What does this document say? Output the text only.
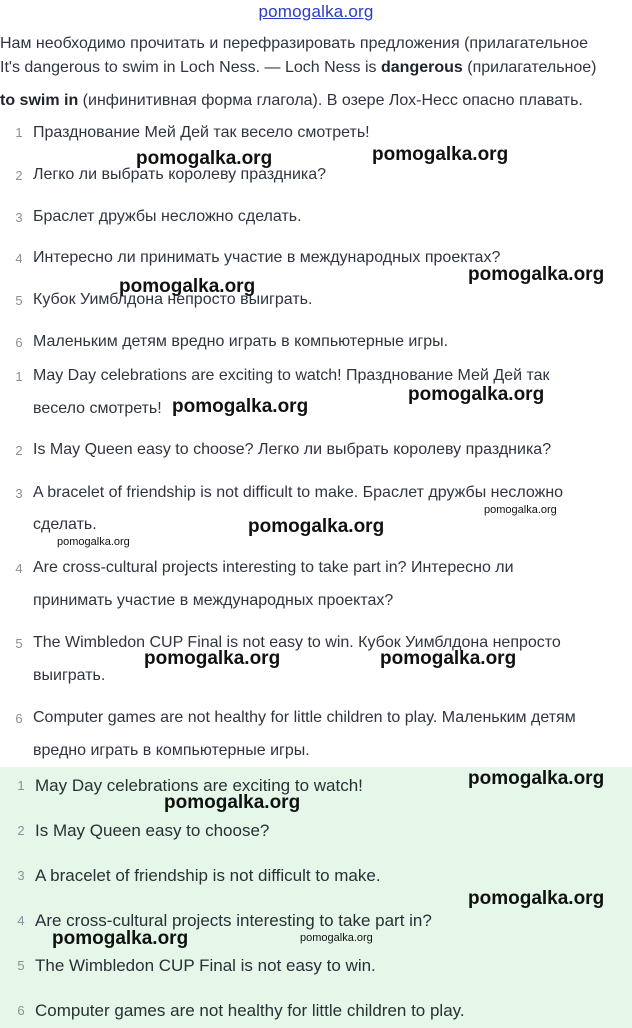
pomogalka.org
Нам необходимо прочитать и перефразировать предложения (прилагательное
It's dangerous to swim in Loch Ness. — Loch Ness is dangerous (прилагательное)
to swim in (инфинитивная форма глагола). В озере Лох-Несс опасно плавать.
1 Празднование Мей Дей так весело смотреть!
2 Легко ли выбрать королеву праздника?
3 Браслет дружбы несложно сделать.
4 Интересно ли принимать участие в международных проектах?
5 Кубок Уимблдона непросто выиграть.
6 Маленьким детям вредно играть в компьютерные игры.
1 May Day celebrations are exciting to watch! Празднование Мей Дей так
весело смотреть!
2 Is May Queen easy to choose? Легко ли выбрать королеву праздника?
3 A bracelet of friendship is not difficult to make. Браслет дружбы несложно
сделать.
4 Are cross-cultural projects interesting to take part in? Интересно ли
принимать участие в международных проектах?
5 The Wimbledon CUP Final is not easy to win. Кубок Уимблдона непросто
выиграть.
6 Computer games are not healthy for little children to play. Маленьким детям
вредно играть в компьютерные игры.
1 May Day celebrations are exciting to watch!
2 Is May Queen easy to choose?
3 A bracelet of friendship is not difficult to make.
4 Are cross-cultural projects interesting to take part in?
5 The Wimbledon CUP Final is not easy to win.
6 Computer games are not healthy for little children to play.
pomogalka.org	pomogalka.org
pomogalka.org
pomogalka.org
pomogalka.org
pomogalka.org
pomogalka.org
pomogalka.org
pomogalka.org
pomogalka.org	pomogalka.org
pomogalka.org
pomogalka.org
pomogalka.org
pomogalka.org	pomogalka.org
